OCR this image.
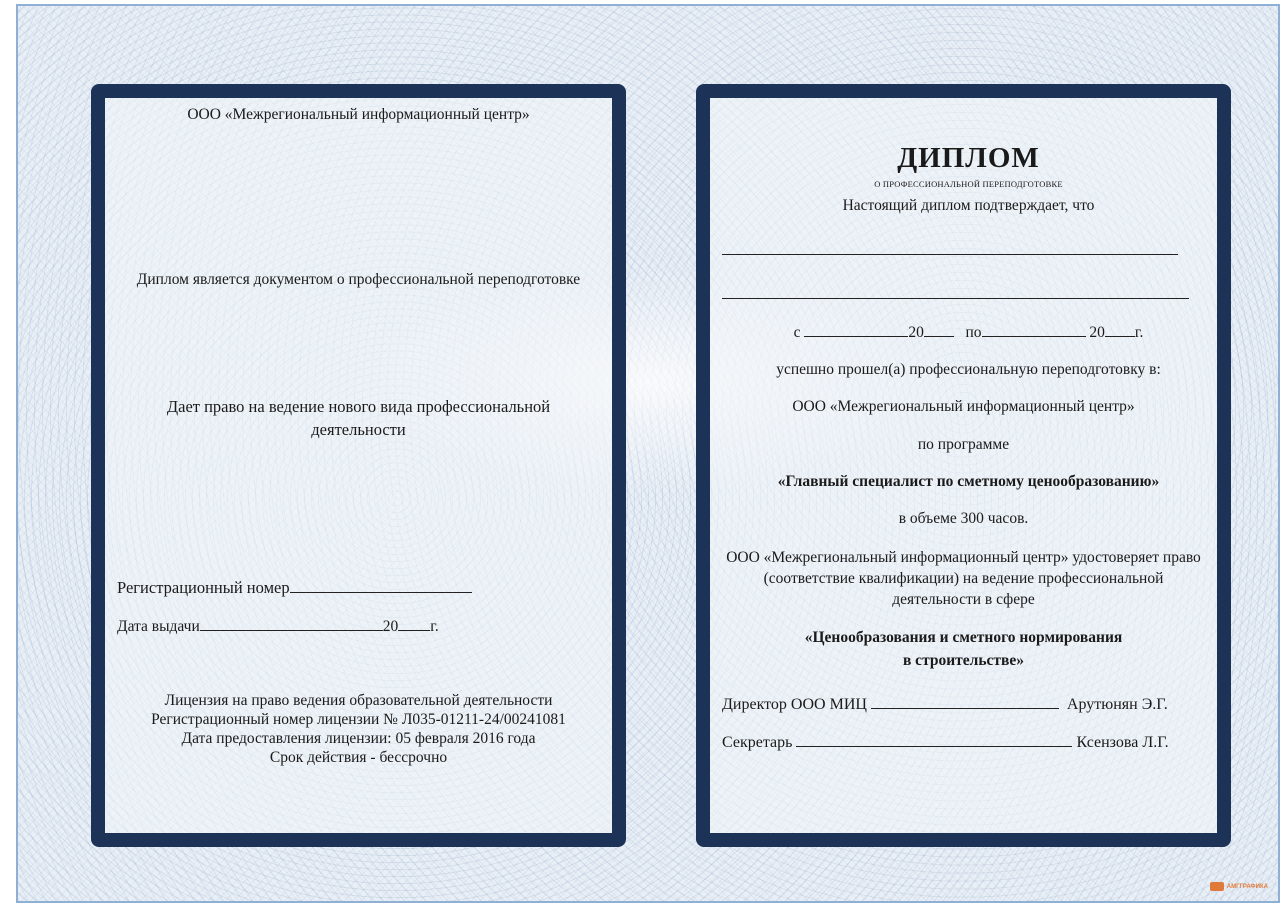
ООО «Межрегиональный информационный центр»
Диплом является документом о профессиональной переподготовке
Дает право на ведение нового вида профессиональной деятельности
Регистрационный номер
Дата выдачи	20 г.
Лицензия на право ведения образовательной деятельности
Регистрационный номер лицензии № Л035-01211-24/00241081
Дата предоставления лицензии: 05 февраля 2016 года
Срок действия - бессрочно
ДИПЛОМ
О ПРОФЕССИОНАЛЬНОЙ ПЕРЕПОДГОТОВКЕ
Настоящий диплом подтверждает, что
с	20	по	20 г.
успешно прошел(а) профессиональную переподготовку в:
ООО «Межрегиональный информационный центр»
по программе
«Главный специалист по сметному ценообразованию»
в объеме 300 часов.
ООО «Межрегиональный информационный центр» удостоверяет право (соответствие квалификации) на ведение профессиональной деятельности в сфере
«Ценообразования и сметного нормирования
в строительстве»
Директор ООО МИЦ	Арутюнян Э.Г.
Секретарь	Ксензова Л.Г.
АМГГРАФИКА
